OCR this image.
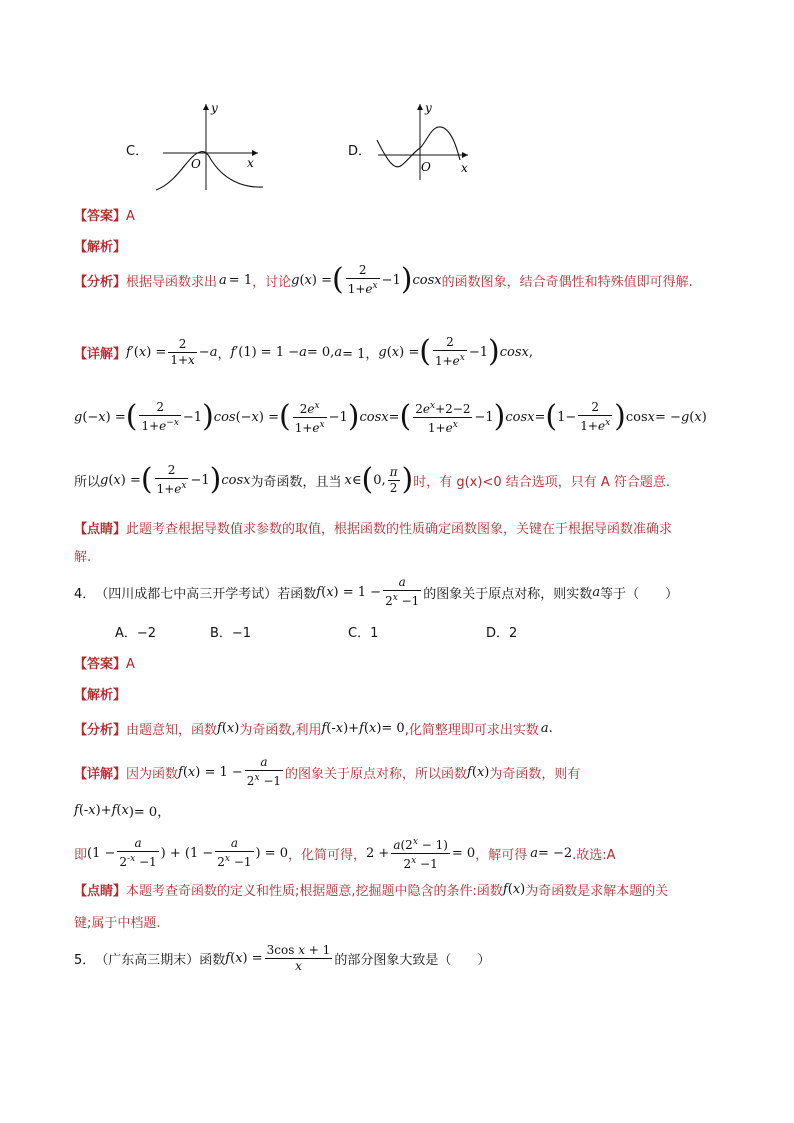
C．
y
x
O
D．
y
x
O
【答案】A
【解析】
【分析】 根据导函数求出 a = 1 ，讨论 g ( x ) = ( $\frac{2}{1+e^x} -1$ ) cosx 的函数图象，结合奇偶性和特殊值即可得解.
【详解】 f ′( x ) = $\frac{2}{1+x} - a$ ， f ′(1) = 1 − a = 0, a = 1， g ( x ) = ( $\frac{2}{1+e^x} -1$ ) cosx ,
g (− x ) = ( $\frac{2}{1+e^{-x}} -1$ ) cos (− x ) = ( $\frac{2e^x}{1+e^x} -1$ ) cosx = ( $\frac{2e^x+2-2}{1+e^x} -1$ ) cosx = ( $1- \frac{2}{1+e^x}$ ) cos x = − g ( x )
所以 g ( x ) = ( $\frac{2}{1+e^x} -1$ ) cosx 为奇函数，且当 x ∈ ( 0, $\frac{\pi}{2}$ ) 时，有 g(x)<0 结合选项，只有 A 符合题意.
【点睛】此题考查根据导数值求参数的取值，根据函数的性质确定函数图象，关键在于根据导函数准确求
解.
4． （四川成都七中高三开学考试）若函数 f ( x ) = $1 - \frac{a}{2^x -1}$ 的图象关于原点对称，则实数 a 等于（　　）
A．−2	B．−1	C．1	D．2
【答案】A
【解析】
【分析】 由题意知，函数 f ( x ) 为奇函数,利用 f (- x )+ f ( x )= 0 ,化简整理即可求出实数 a .
【详解】 因为函数 f ( x ) = $1 - \frac{a}{2^x -1}$ 的图象关于原点对称，所以函数 f ( x ) 为奇函数，则有
f (- x )+ f ( x )= 0，
即 ($1 - \frac{a}{2^{-x} -1}$ ) + ($1 - \frac{a}{2^x -1}$ ) = 0 ，化简可得， $2 + \frac{a(2^x - 1)}{2^x -1} = 0$ ，解可得 a = −2 .故选:A
【点睛】 本题考查奇函数的定义和性质;根据题意,挖掘题中隐含的条件:函数 f ( x ) 为奇函数是求解本题的关
键;属于中档题.
5． （广东高三期末）函数 f ( x ) = $\frac{\text{3cos x + 1}}{x}$ 的部分图象大致是（　　）
